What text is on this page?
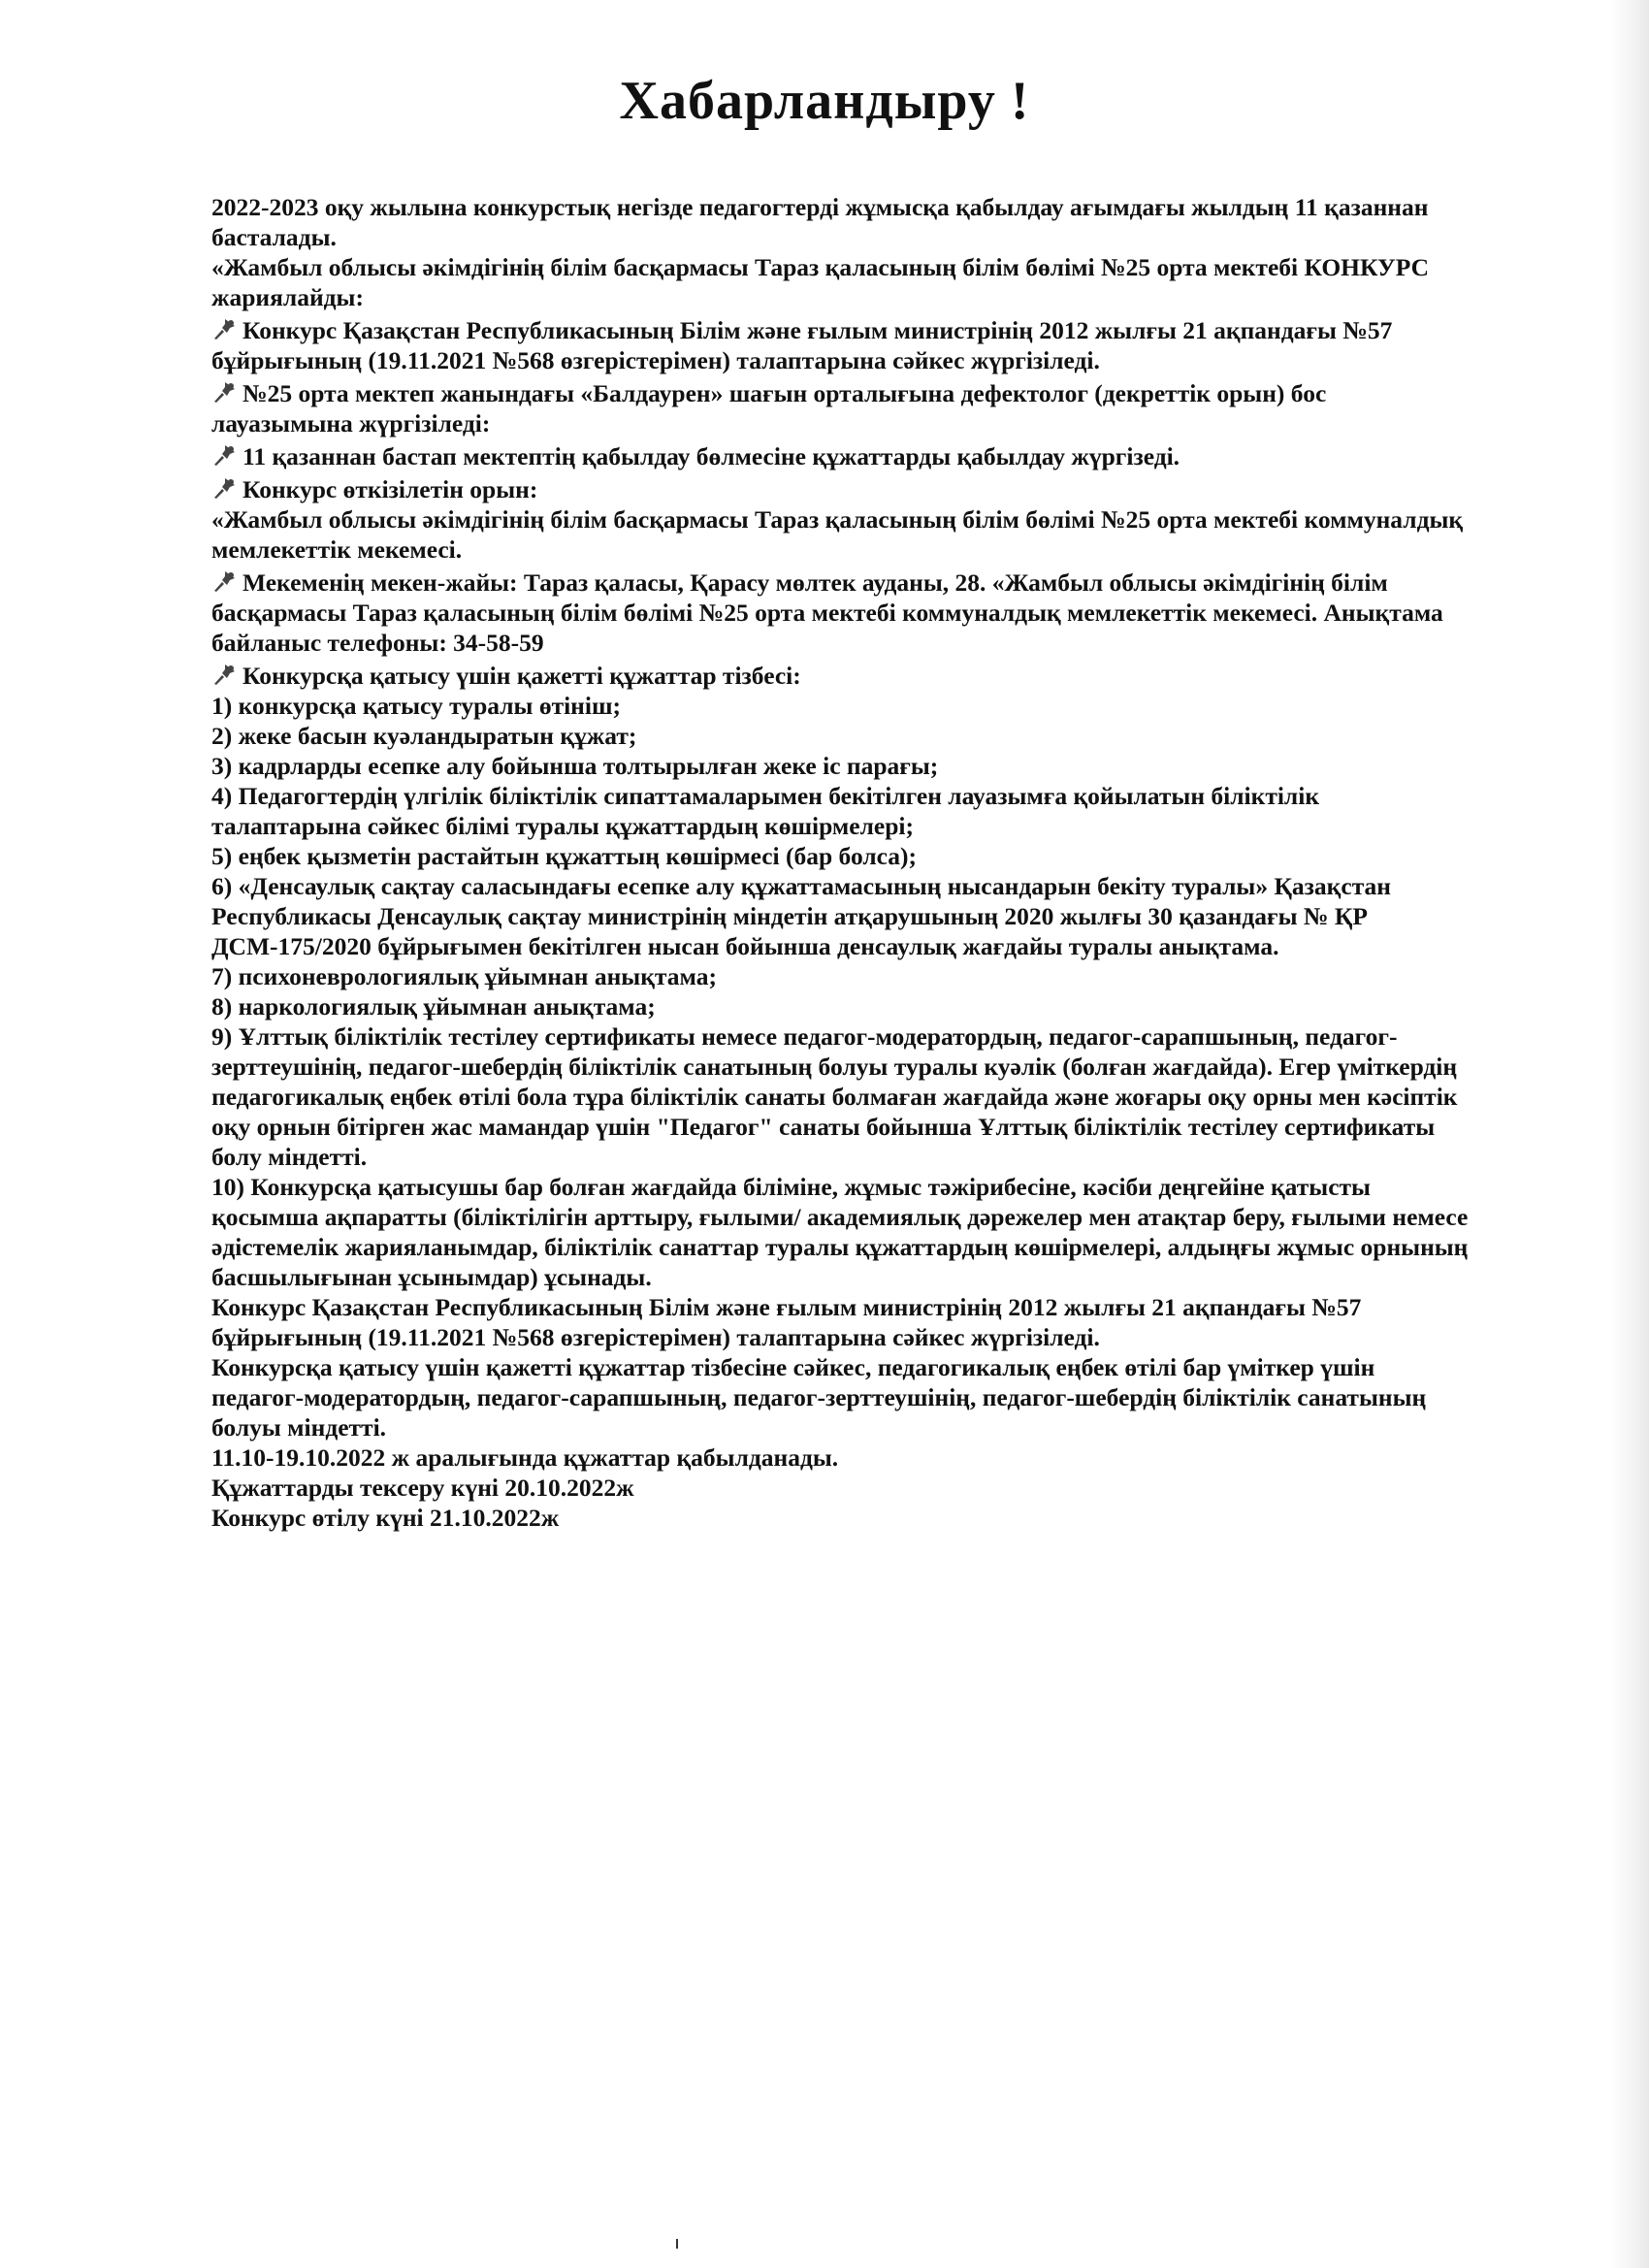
Хабарландыру !
2022-2023 оқу жылына конкурстық негізде педагогтерді жұмысқа қабылдау ағымдағы жылдың 11 қазаннан басталады.
«Жамбыл облысы әкімдігінің білім басқармасы Тараз қаласының білім бөлімі №25 орта мектебі КОНКУРС жариялайды:
Конкурс Қазақстан Республикасының Білім және ғылым министрінің 2012 жылғы 21 ақпандағы №57 бұйрығының (19.11.2021 №568 өзгерістерімен) талаптарына сәйкес жүргізіледі.
№25 орта мектеп жанындағы «Балдаурен» шағын орталығына дефектолог (декреттік орын) бос лауазымына жүргізіледі:
11 қазаннан бастап мектептің қабылдау бөлмесіне құжаттарды қабылдау жүргізеді.
Конкурс өткізілетін орын:
«Жамбыл облысы әкімдігінің білім басқармасы Тараз қаласының білім бөлімі №25 орта мектебі коммуналдық мемлекеттік мекемесі.
Мекеменің мекен-жайы: Тараз қаласы, Қарасу мөлтек ауданы, 28. «Жамбыл облысы әкімдігінің білім басқармасы Тараз қаласының білім бөлімі №25 орта мектебі коммуналдық мемлекеттік мекемесі. Анықтама байланыс телефоны: 34-58-59
Конкурсқа қатысу үшін қажетті құжаттар тізбесі:
1) конкурсқа қатысу туралы өтініш;
2) жеке басын куәландыратын құжат;
3) кадрларды есепке алу бойынша толтырылған жеке іс парағы;
4) Педагогтердің үлгілік біліктілік сипаттамаларымен бекітілген лауазымға қойылатын біліктілік талаптарына сәйкес білімі туралы құжаттардың көшірмелері;
5) еңбек қызметін растайтын құжаттың көшірмесі (бар болса);
6) «Денсаулық сақтау саласындағы есепке алу құжаттамасының нысандарын бекіту туралы» Қазақстан Республикасы Денсаулық сақтау министрінің міндетін атқарушының 2020 жылғы 30 қазандағы № ҚР ДСМ-175/2020 бұйрығымен бекітілген нысан бойынша денсаулық жағдайы туралы анықтама.
7) психоневрологиялық ұйымнан анықтама;
8) наркологиялық ұйымнан анықтама;
9) Ұлттық біліктілік тестілеу сертификаты немесе педагог-модератордың, педагог-сарапшының, педагог-зерттеушінің, педагог-шебердің біліктілік санатының болуы туралы куәлік (болған жағдайда). Егер үміткердің педагогикалық еңбек өтілі бола тұра біліктілік санаты болмаған жағдайда және жоғары оқу орны мен кәсіптік оқу орнын бітірген жас мамандар үшін "Педагог" санаты бойынша Ұлттық біліктілік тестілеу сертификаты болу міндетті.
10) Конкурсқа қатысушы бар болған жағдайда біліміне, жұмыс тәжірибесіне, кәсіби деңгейіне қатысты қосымша ақпаратты (біліктілігін арттыру, ғылыми/ академиялық дәрежелер мен атақтар беру, ғылыми немесе әдістемелік жарияланымдар, біліктілік санаттар туралы құжаттардың көшірмелері, алдыңғы жұмыс орнының басшылығынан ұсынымдар) ұсынады.
Конкурс Қазақстан Республикасының Білім және ғылым министрінің 2012 жылғы 21 ақпандағы №57 бұйрығының (19.11.2021 №568 өзгерістерімен) талаптарына сәйкес жүргізіледі.
Конкурсқа қатысу үшін қажетті құжаттар тізбесіне сәйкес, педагогикалық еңбек өтілі бар үміткер үшін педагог-модератордың, педагог-сарапшының, педагог-зерттеушінің, педагог-шебердің біліктілік санатының болуы міндетті.
11.10-19.10.2022 ж аралығында құжаттар қабылданады.
Құжаттарды тексеру күні 20.10.2022ж
Конкурс өтілу күні 21.10.2022ж
